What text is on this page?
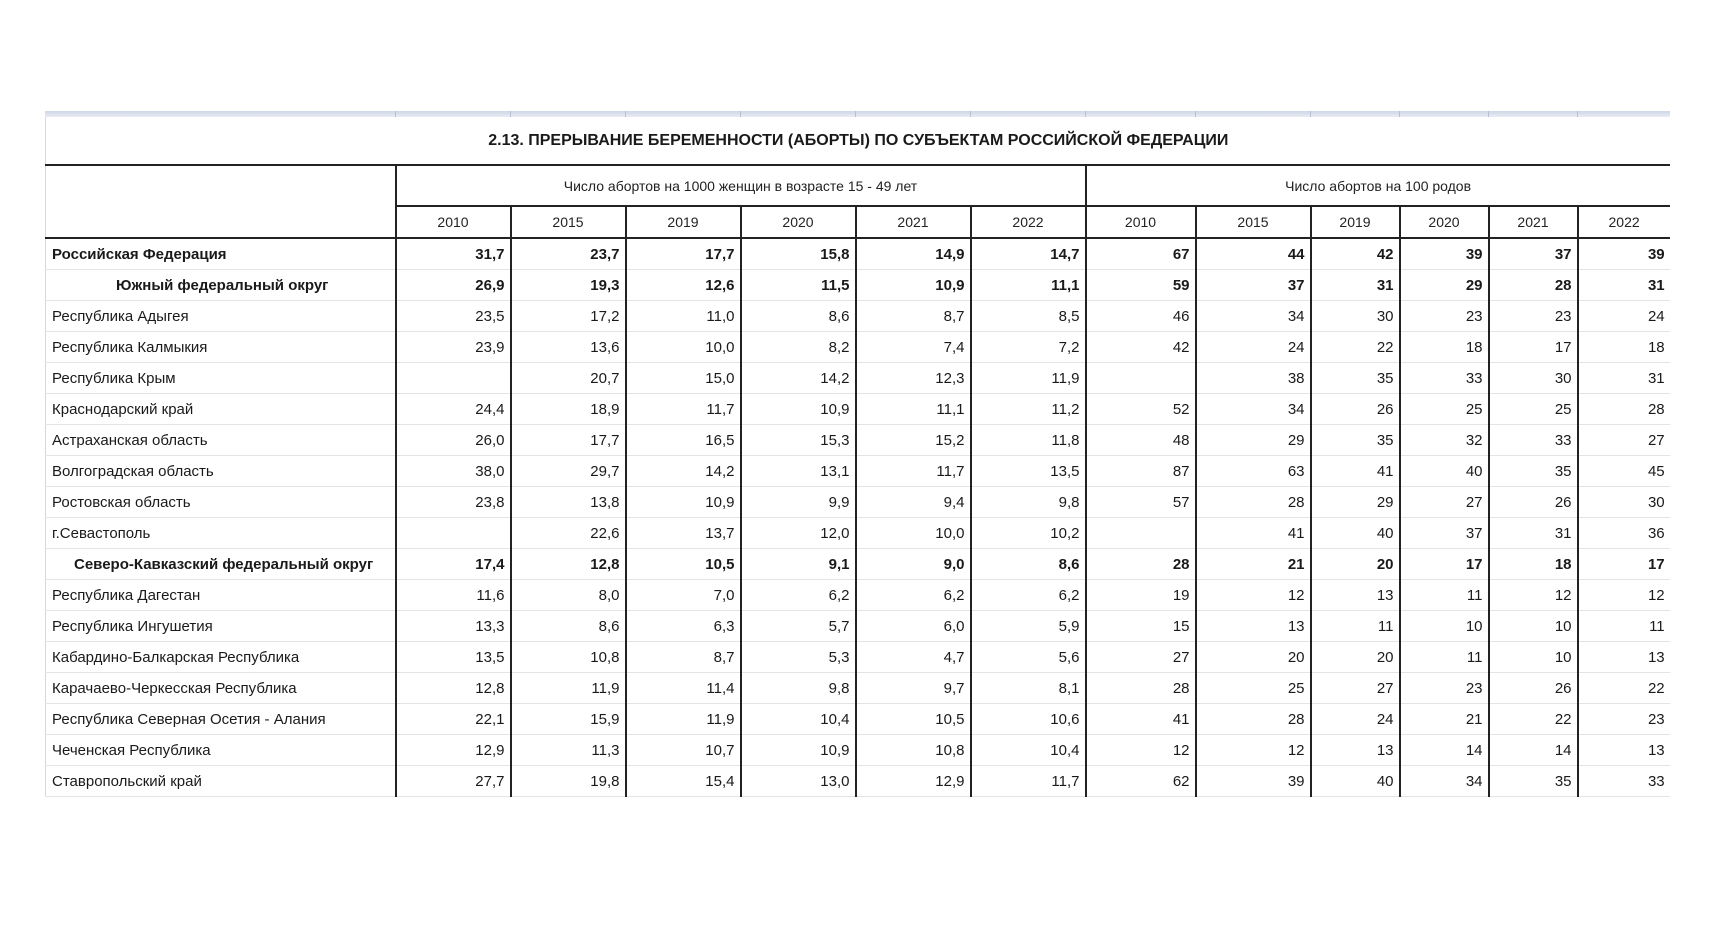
2.13. ПРЕРЫВАНИЕ БЕРЕМЕННОСТИ (АБОРТЫ) ПО СУБЪЕКТАМ РОССИЙСКОЙ ФЕДЕРАЦИИ												
	Число абортов на 1000 женщин в возрасте 15 - 49 лет						Число абортов на 100 родов					
	2010	2015	2019	2020	2021	2022	2010	2015	2019	2020	2021	2022
Российская Федерация	31,7	23,7	17,7	15,8	14,9	14,7	67	44	42	39	37	39
Южный федеральный округ	26,9	19,3	12,6	11,5	10,9	11,1	59	37	31	29	28	31
Республика Адыгея	23,5	17,2	11,0	8,6	8,7	8,5	46	34	30	23	23	24
Республика Калмыкия	23,9	13,6	10,0	8,2	7,4	7,2	42	24	22	18	17	18
Республика Крым		20,7	15,0	14,2	12,3	11,9		38	35	33	30	31
Краснодарский край	24,4	18,9	11,7	10,9	11,1	11,2	52	34	26	25	25	28
Астраханская область	26,0	17,7	16,5	15,3	15,2	11,8	48	29	35	32	33	27
Волгоградская область	38,0	29,7	14,2	13,1	11,7	13,5	87	63	41	40	35	45
Ростовская область	23,8	13,8	10,9	9,9	9,4	9,8	57	28	29	27	26	30
г.Севастополь		22,6	13,7	12,0	10,0	10,2		41	40	37	31	36
Северо-Кавказский федеральный округ	17,4	12,8	10,5	9,1	9,0	8,6	28	21	20	17	18	17
Республика Дагестан	11,6	8,0	7,0	6,2	6,2	6,2	19	12	13	11	12	12
Республика Ингушетия	13,3	8,6	6,3	5,7	6,0	5,9	15	13	11	10	10	11
Кабардино-Балкарская Республика	13,5	10,8	8,7	5,3	4,7	5,6	27	20	20	11	10	13
Карачаево-Черкесская Республика	12,8	11,9	11,4	9,8	9,7	8,1	28	25	27	23	26	22
Республика Северная Осетия - Алания	22,1	15,9	11,9	10,4	10,5	10,6	41	28	24	21	22	23
Чеченская Республика	12,9	11,3	10,7	10,9	10,8	10,4	12	12	13	14	14	13
Ставропольский край	27,7	19,8	15,4	13,0	12,9	11,7	62	39	40	34	35	33
